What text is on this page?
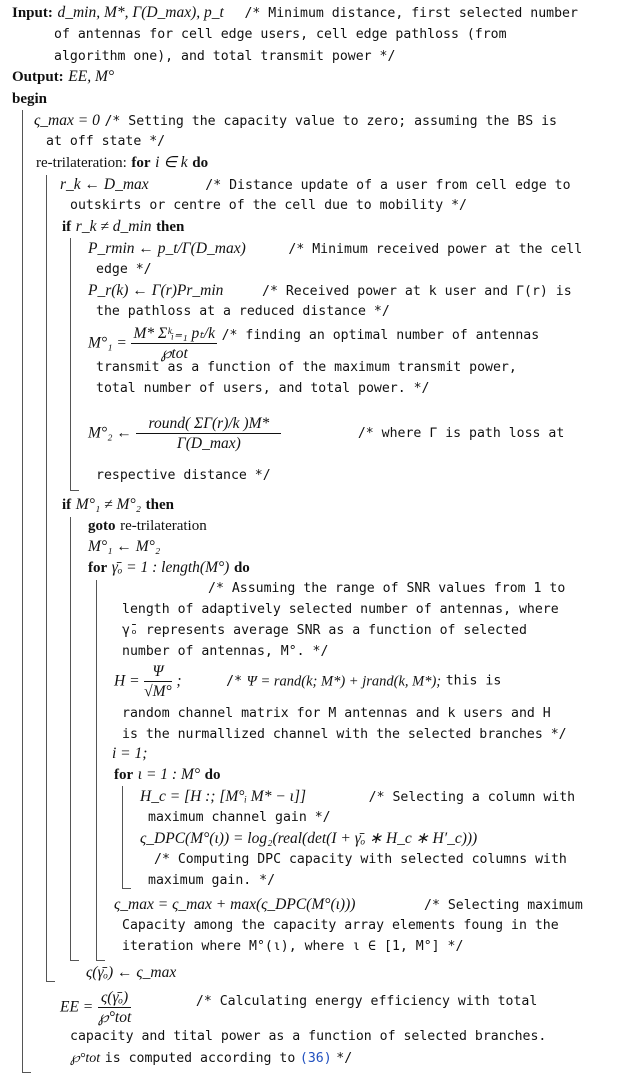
Input: d_min, M*, Γ(D_max), p_t /* Minimum distance, first selected number
of antennas for cell edge users, cell edge pathloss (from
algorithm one), and total transmit power */
Output: EE, M°
begin
ς_max = 0 /* Setting the capacity value to zero; assuming the BS is
at off state */
re-trilateration: for i ∈ k do
r_k ← D_max	/* Distance update of a user from cell edge to
outskirts or centre of the cell due to mobility */
if r_k ≠ d_min then
P_rmin ← p_t/Γ(D_max)	/* Minimum received power at the cell
edge */
P_r(k) ← Γ(r)Pr_min	/* Received power at k user and Γ(r) is
the pathloss at a reduced distance */
$M^\circ_1 = \frac{\text{M* Σᵏᵢ₌₁ pₜ/k}}{\text{℘tot}}$ /* finding an optimal number of antennas
transmit as a function of the maximum transmit power,
total number of users, and total power. */
M°₂ ← $\frac{\text{round( ΣΓ(r)/k )M*}}{\Gamma(D\_\max)}$	/* where Γ is path loss at
respective distance */
if M°₁ ≠ M°₂ then
goto re-trilateration
M°₁ ← M°₂
for γ̄ₒ = 1 : length(M°) do
/* Assuming the range of SNR values from 1 to
length of adaptively selected number of antennas, where
γ̄ₒ represents average SNR as a function of selected
number of antennas, M°. */
$H = \frac{\Psi}{√M^\circ}$ ;	/* Ψ = rand(k; M*) + jrand(k, M*); this is
random channel matrix for M antennas and k users and H
is the nurmallized channel with the selected branches */
i = 1;
for ι = 1 : M° do
H_c = [H :; [M°ᵢ M* − ι]]	/* Selecting a column with
maximum channel gain */
ς_DPC(M°(ι)) = log₂(real(det(I + γ̄ₒ ∗ H_c ∗ H′_c)))
/* Computing DPC capacity with selected columns with
maximum gain. */
ς_max = ς_max + max(ς_DPC(M°(ι)))	/* Selecting maximum
Capacity among the capacity array elements foung in the
iteration where M°(ι), where ι ∈ [1, M°] */
ς(γ̄ₒ) ← ς_max
EE = $\frac{\text{ς(γ̄ₒ)}}{\text{℘°tot}}$	/* Calculating energy efficiency with total
capacity and tital power as a function of selected branches.
℘°tot is computed according to (36) */
